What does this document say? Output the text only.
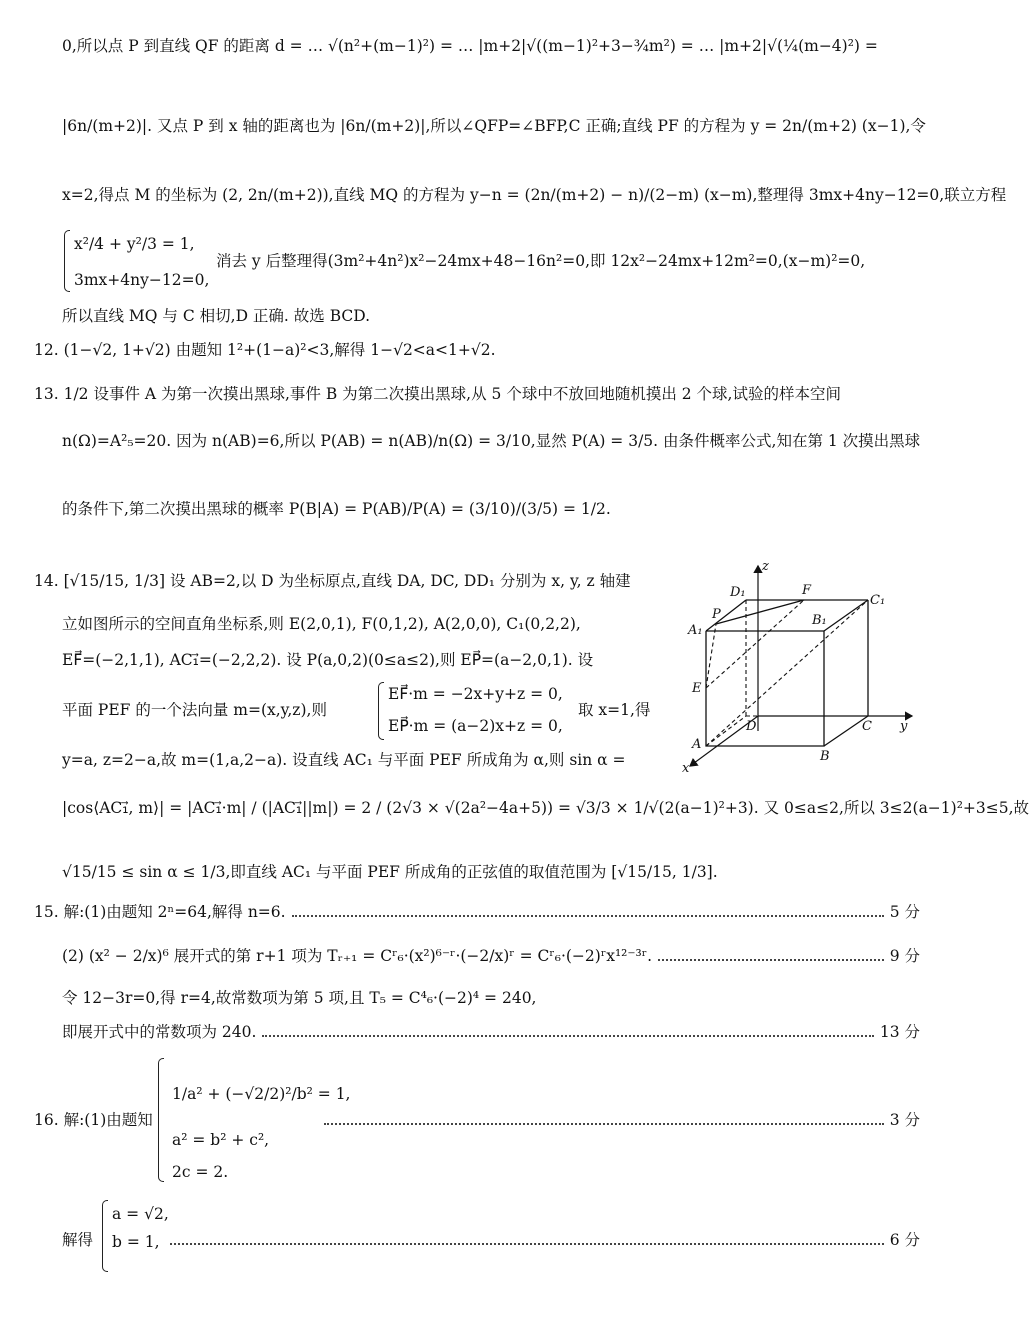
0,所以点 P 到直线 QF 的距离 d = … √(n²+(m−1)²) = … |m+2|√((m−1)²+3−¾m²) = … |m+2|√(¼(m−4)²) =
|6n/(m+2)|. 又点 P 到 x 轴的距离也为 |6n/(m+2)|,所以∠QFP=∠BFP,C 正确;直线 PF 的方程为 y = 2n/(m+2) (x−1),令
x=2,得点 M 的坐标为 (2, 2n/(m+2)),直线 MQ 的方程为 y−n = (2n/(m+2) − n)/(2−m) (x−m),整理得 3mx+4ny−12=0,联立方程
x²/4 + y²/3 = 1,
消去 y 后整理得(3m²+4n²)x²−24mx+48−16n²=0,即 12x²−24mx+12m²=0,(x−m)²=0,
3mx+4ny−12=0,
所以直线 MQ 与 C 相切,D 正确. 故选 BCD.
12. (1−√2, 1+√2) 由题知 1²+(1−a)²<3,解得 1−√2<a<1+√2.
13. 1/2 设事件 A 为第一次摸出黑球,事件 B 为第二次摸出黑球,从 5 个球中不放回地随机摸出 2 个球,试验的样本空间
n(Ω)=A²₅=20. 因为 n(AB)=6,所以 P(AB) = n(AB)/n(Ω) = 3/10,显然 P(A) = 3/5. 由条件概率公式,知在第 1 次摸出黑球
的条件下,第二次摸出黑球的概率 P(B|A) = P(AB)/P(A) = (3/10)/(3/5) = 1/2.
14. [√15/15, 1/3] 设 AB=2,以 D 为坐标原点,直线 DA, DC, DD₁ 分别为 x, y, z 轴建
立如图所示的空间直角坐标系,则 E(2,0,1), F(0,1,2), A(2,0,0), C₁(0,2,2),
EF⃗=(−2,1,1), AC₁⃗=(−2,2,2). 设 P(a,0,2)(0≤a≤2),则 EP⃗=(a−2,0,1). 设
平面 PEF 的一个法向量 m=(x,y,z),则
EF⃗·m = −2x+y+z = 0,
EP⃗·m = (a−2)x+z = 0,
取 x=1,得
y=a, z=2−a,故 m=(1,a,2−a). 设直线 AC₁ 与平面 PEF 所成角为 α,则 sin α =
|cos⟨AC₁⃗, m⟩| = |AC₁⃗·m| / (|AC₁⃗||m|) = 2 / (2√3 × √(2a²−4a+5)) = √3/3 × 1/√(2(a−1)²+3). 又 0≤a≤2,所以 3≤2(a−1)²+3≤5,故
√15/15 ≤ sin α ≤ 1/3,即直线 AC₁ 与平面 PEF 所成角的正弦值的取值范围为 [√15/15, 1/3].
15. 解:(1)由题知 2ⁿ=64,解得 n=6.	5 分
(2) (x² − 2/x)⁶ 展开式的第 r+1 项为 Tᵣ₊₁ = Cʳ₆·(x²)⁶⁻ʳ·(−2/x)ʳ = Cʳ₆·(−2)ʳx¹²⁻³ʳ.	9 分
令 12−3r=0,得 r=4,故常数项为第 5 项,且 T₅ = C⁴₆·(−2)⁴ = 240,
即展开式中的常数项为 240.	13 分
16. 解:(1)由题知
1/a² + (−√2/2)²/b² = 1,
a² = b² + c²,
2c = 2.
3 分
解得
a = √2,
b = 1,	6 分
z
D₁	F
C₁
P	B₁
A₁
E
D	C y
A
B
x
